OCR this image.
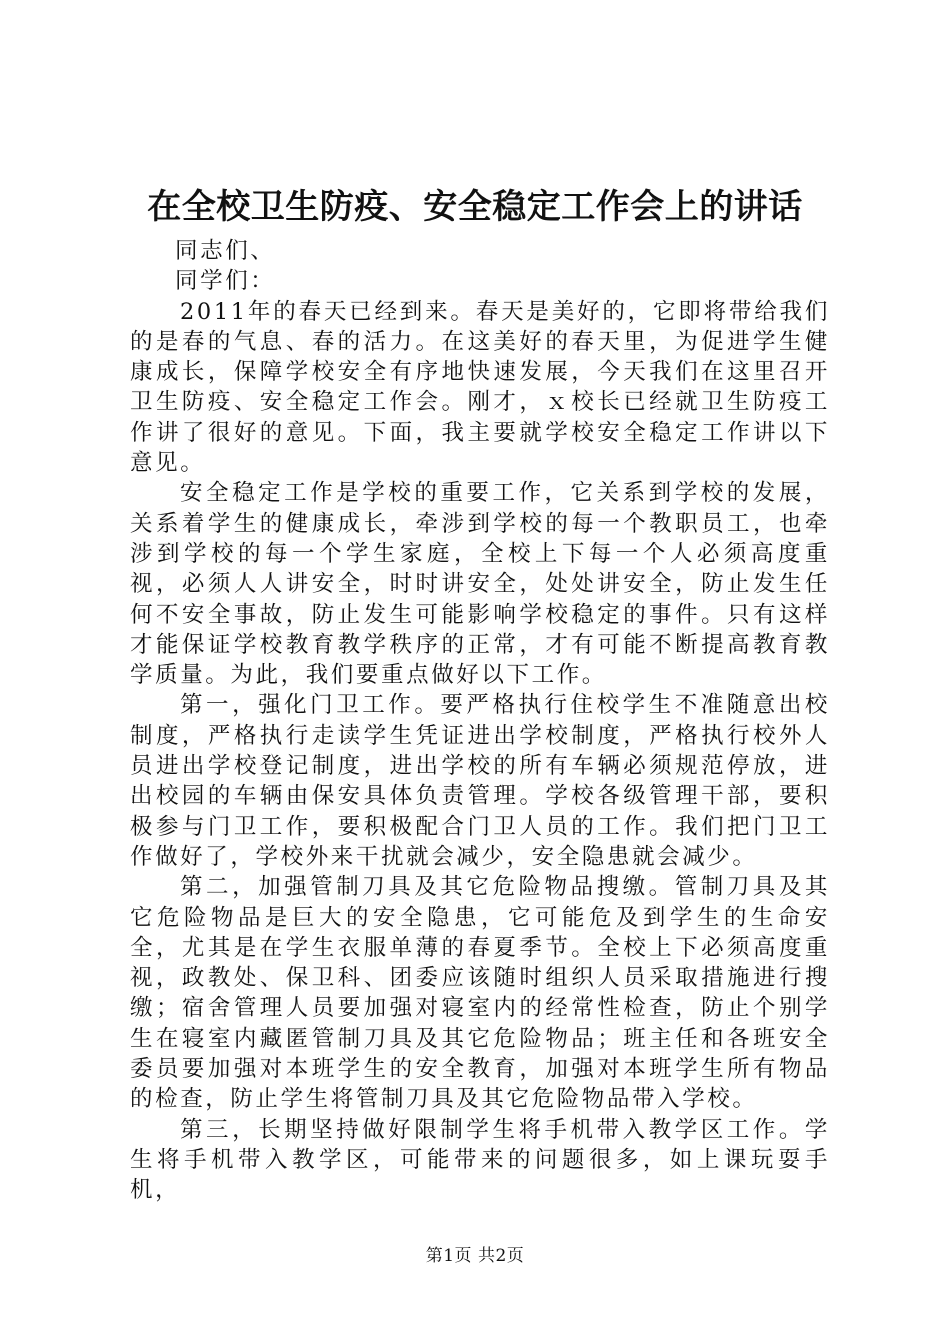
在全校卫生防疫、安全稳定工作会上的讲话

同志们、

同学们：

2011年的春天已经到来。春天是美好的，它即将带给我们的是春的气息、春的活力。在这美好的春天里，为促进学生健康成长，保障学校安全有序地快速发展，今天我们在这里召开卫生防疫、安全稳定工作会。刚才，ｘ校长已经就卫生防疫工作讲了很好的意见。下面，我主要就学校安全稳定工作讲以下意见。

安全稳定工作是学校的重要工作，它关系到学校的发展，关系着学生的健康成长，牵涉到学校的每一个教职员工，也牵涉到学校的每一个学生家庭，全校上下每一个人必须高度重视，必须人人讲安全，时时讲安全，处处讲安全，防止发生任何不安全事故，防止发生可能影响学校稳定的事件。只有这样才能保证学校教育教学秩序的正常，才有可能不断提高教育教学质量。为此，我们要重点做好以下工作。

第一，强化门卫工作。要严格执行住校学生不准随意出校制度，严格执行走读学生凭证进出学校制度，严格执行校外人员进出学校登记制度，进出学校的所有车辆必须规范停放，进出校园的车辆由保安具体负责管理。学校各级管理干部，要积极参与门卫工作，要积极配合门卫人员的工作。我们把门卫工作做好了，学校外来干扰就会减少，安全隐患就会减少。

第二，加强管制刀具及其它危险物品搜缴。管制刀具及其它危险物品是巨大的安全隐患，它可能危及到学生的生命安全，尤其是在学生衣服单薄的春夏季节。全校上下必须高度重视，政教处、保卫科、团委应该随时组织人员采取措施进行搜缴；宿舍管理人员要加强对寝室内的经常性检查，防止个别学生在寝室内藏匿管制刀具及其它危险物品；班主任和各班安全委员要加强对本班学生的安全教育，加强对本班学生所有物品的检查，防止学生将管制刀具及其它危险物品带入学校。

第三，长期坚持做好限制学生将手机带入教学区工作。学生将手机带入教学区，可能带来的问题很多，如上课玩耍手机，

第1页 共2页
